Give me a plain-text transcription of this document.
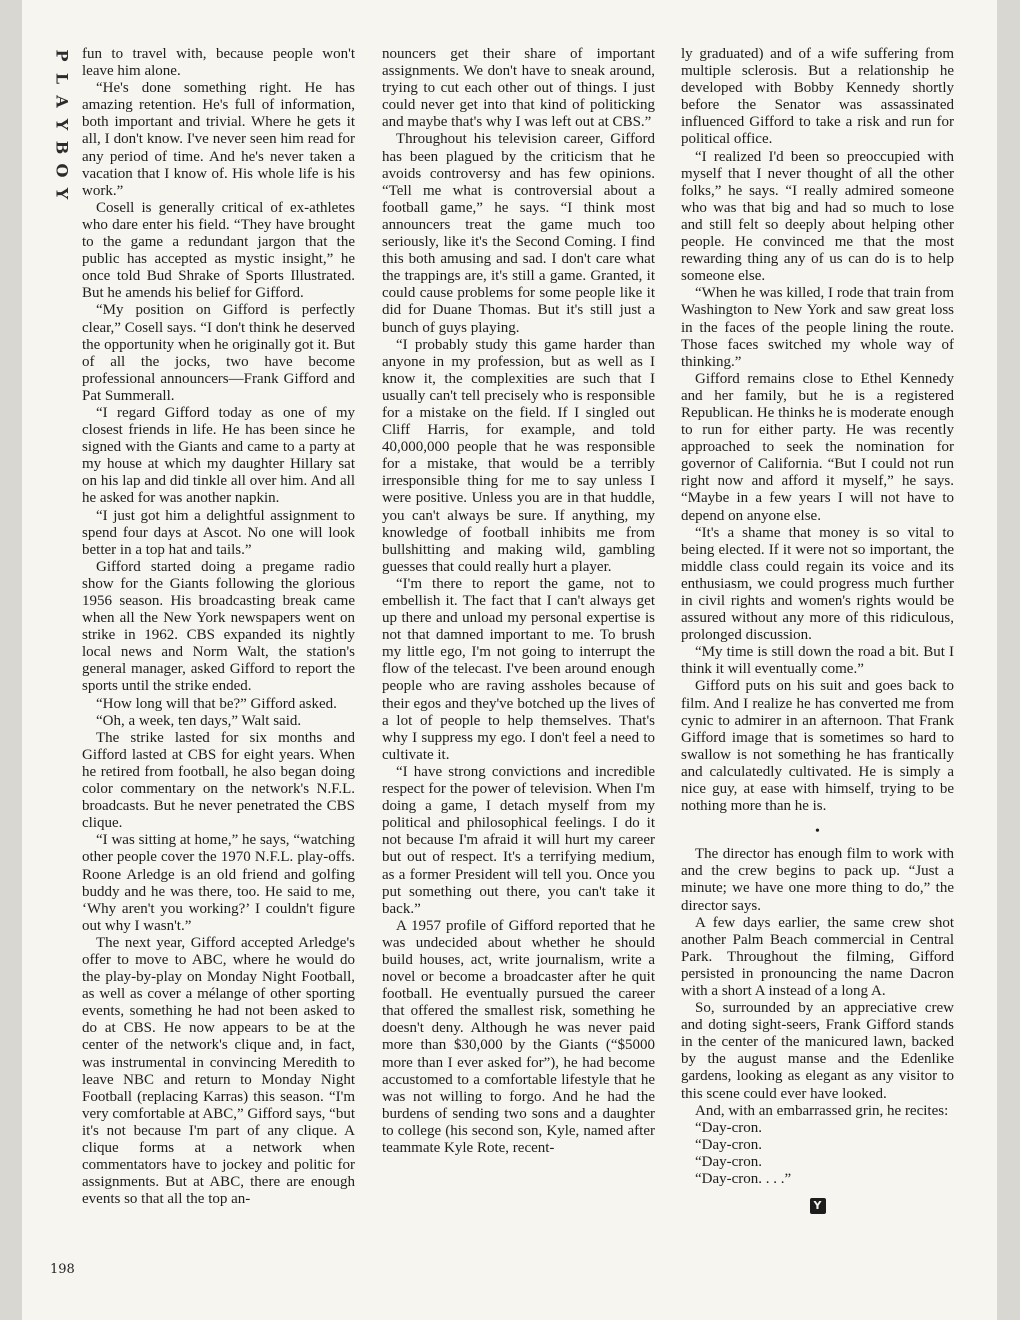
P
L
A
Y
B
O
Y
198

fun to travel with, because people won't leave him alone.

“He's done something right. He has amazing retention. He's full of information, both important and trivial. Where he gets it all, I don't know. I've never seen him read for any period of time. And he's never taken a vacation that I know of. His whole life is his work.”

Cosell is generally critical of ex-athletes who dare enter his field. “They have brought to the game a redundant jargon that the public has accepted as mystic insight,” he once told Bud Shrake of Sports Illustrated. But he amends his belief for Gifford.

“My position on Gifford is perfectly clear,” Cosell says. “I don't think he deserved the opportunity when he originally got it. But of all the jocks, two have become professional announcers—Frank Gifford and Pat Summerall.

“I regard Gifford today as one of my closest friends in life. He has been since he signed with the Giants and came to a party at my house at which my daughter Hillary sat on his lap and did tinkle all over him. And all he asked for was another napkin.

“I just got him a delightful assignment to spend four days at Ascot. No one will look better in a top hat and tails.”

Gifford started doing a pregame radio show for the Giants following the glorious 1956 season. His broadcasting break came when all the New York newspapers went on strike in 1962. CBS expanded its nightly local news and Norm Walt, the station's general manager, asked Gifford to report the sports until the strike ended.

“How long will that be?” Gifford asked.

“Oh, a week, ten days,” Walt said.

The strike lasted for six months and Gifford lasted at CBS for eight years. When he retired from football, he also began doing color commentary on the network's N.F.L. broadcasts. But he never penetrated the CBS clique.

“I was sitting at home,” he says, “watching other people cover the 1970 N.F.L. play-offs. Roone Arledge is an old friend and golfing buddy and he was there, too. He said to me, ‘Why aren't you working?’ I couldn't figure out why I wasn't.”

The next year, Gifford accepted Arledge's offer to move to ABC, where he would do the play-by-play on Monday Night Football, as well as cover a mélange of other sporting events, something he had not been asked to do at CBS. He now appears to be at the center of the network's clique and, in fact, was instrumental in convincing Meredith to leave NBC and return to Monday Night Football (replacing Karras) this season. “I'm very comfortable at ABC,” Gifford says, “but it's not because I'm part of any clique. A clique forms at a network when commentators have to jockey and politic for assignments. But at ABC, there are enough events so that all the top an-

nouncers get their share of important assignments. We don't have to sneak around, trying to cut each other out of things. I just could never get into that kind of politicking and maybe that's why I was left out at CBS.”

Throughout his television career, Gifford has been plagued by the criticism that he avoids controversy and has few opinions. “Tell me what is controversial about a football game,” he says. “I think most announcers treat the game much too seriously, like it's the Second Coming. I find this both amusing and sad. I don't care what the trappings are, it's still a game. Granted, it could cause problems for some people like it did for Duane Thomas. But it's still just a bunch of guys playing.

“I probably study this game harder than anyone in my profession, but as well as I know it, the complexities are such that I usually can't tell precisely who is responsible for a mistake on the field. If I singled out Cliff Harris, for example, and told 40,000,000 people that he was responsible for a mistake, that would be a terribly irresponsible thing for me to say unless I were positive. Unless you are in that huddle, you can't always be sure. If anything, my knowledge of football inhibits me from bullshitting and making wild, gambling guesses that could really hurt a player.

“I'm there to report the game, not to embellish it. The fact that I can't always get up there and unload my personal expertise is not that damned important to me. To brush my little ego, I'm not going to interrupt the flow of the telecast. I've been around enough people who are raving assholes because of their egos and they've botched up the lives of a lot of people to help themselves. That's why I suppress my ego. I don't feel a need to cultivate it.

“I have strong convictions and incredible respect for the power of television. When I'm doing a game, I detach myself from my political and philosophical feelings. I do it not because I'm afraid it will hurt my career but out of respect. It's a terrifying medium, as a former President will tell you. Once you put something out there, you can't take it back.”

A 1957 profile of Gifford reported that he was undecided about whether he should build houses, act, write journalism, write a novel or become a broadcaster after he quit football. He eventually pursued the career that offered the smallest risk, something he doesn't deny. Although he was never paid more than $30,000 by the Giants (“$5000 more than I ever asked for”), he had become accustomed to a comfortable lifestyle that he was not willing to forgo. And he had the burdens of sending two sons and a daughter to college (his second son, Kyle, named after teammate Kyle Rote, recent-

ly graduated) and of a wife suffering from multiple sclerosis. But a relationship he developed with Bobby Kennedy shortly before the Senator was assassinated influenced Gifford to take a risk and run for political office.

“I realized I'd been so preoccupied with myself that I never thought of all the other folks,” he says. “I really admired someone who was that big and had so much to lose and still felt so deeply about helping other people. He convinced me that the most rewarding thing any of us can do is to help someone else.

“When he was killed, I rode that train from Washington to New York and saw great loss in the faces of the people lining the route. Those faces switched my whole way of thinking.”

Gifford remains close to Ethel Kennedy and her family, but he is a registered Republican. He thinks he is moderate enough to run for either party. He was recently approached to seek the nomination for governor of California. “But I could not run right now and afford it myself,” he says. “Maybe in a few years I will not have to depend on anyone else.

“It's a shame that money is so vital to being elected. If it were not so important, the middle class could regain its voice and its enthusiasm, we could progress much further in civil rights and women's rights would be assured without any more of this ridiculous, prolonged discussion.

“My time is still down the road a bit. But I think it will eventually come.”

Gifford puts on his suit and goes back to film. And I realize he has converted me from cynic to admirer in an afternoon. That Frank Gifford image that is sometimes so hard to swallow is not something he has frantically and calculatedly cultivated. He is simply a nice guy, at ease with himself, trying to be nothing more than he is.

•

The director has enough film to work with and the crew begins to pack up. “Just a minute; we have one more thing to do,” the director says.

A few days earlier, the same crew shot another Palm Beach commercial in Central Park. Throughout the filming, Gifford persisted in pronouncing the name Dacron with a short A instead of a long A.

So, surrounded by an appreciative crew and doting sight-seers, Frank Gifford stands in the center of the manicured lawn, backed by the august manse and the Edenlike gardens, looking as elegant as any visitor to this scene could ever have looked.

And, with an embarrassed grin, he recites:

“Day-cron.

“Day-cron.

“Day-cron.

“Day-cron. . . .”

Y
